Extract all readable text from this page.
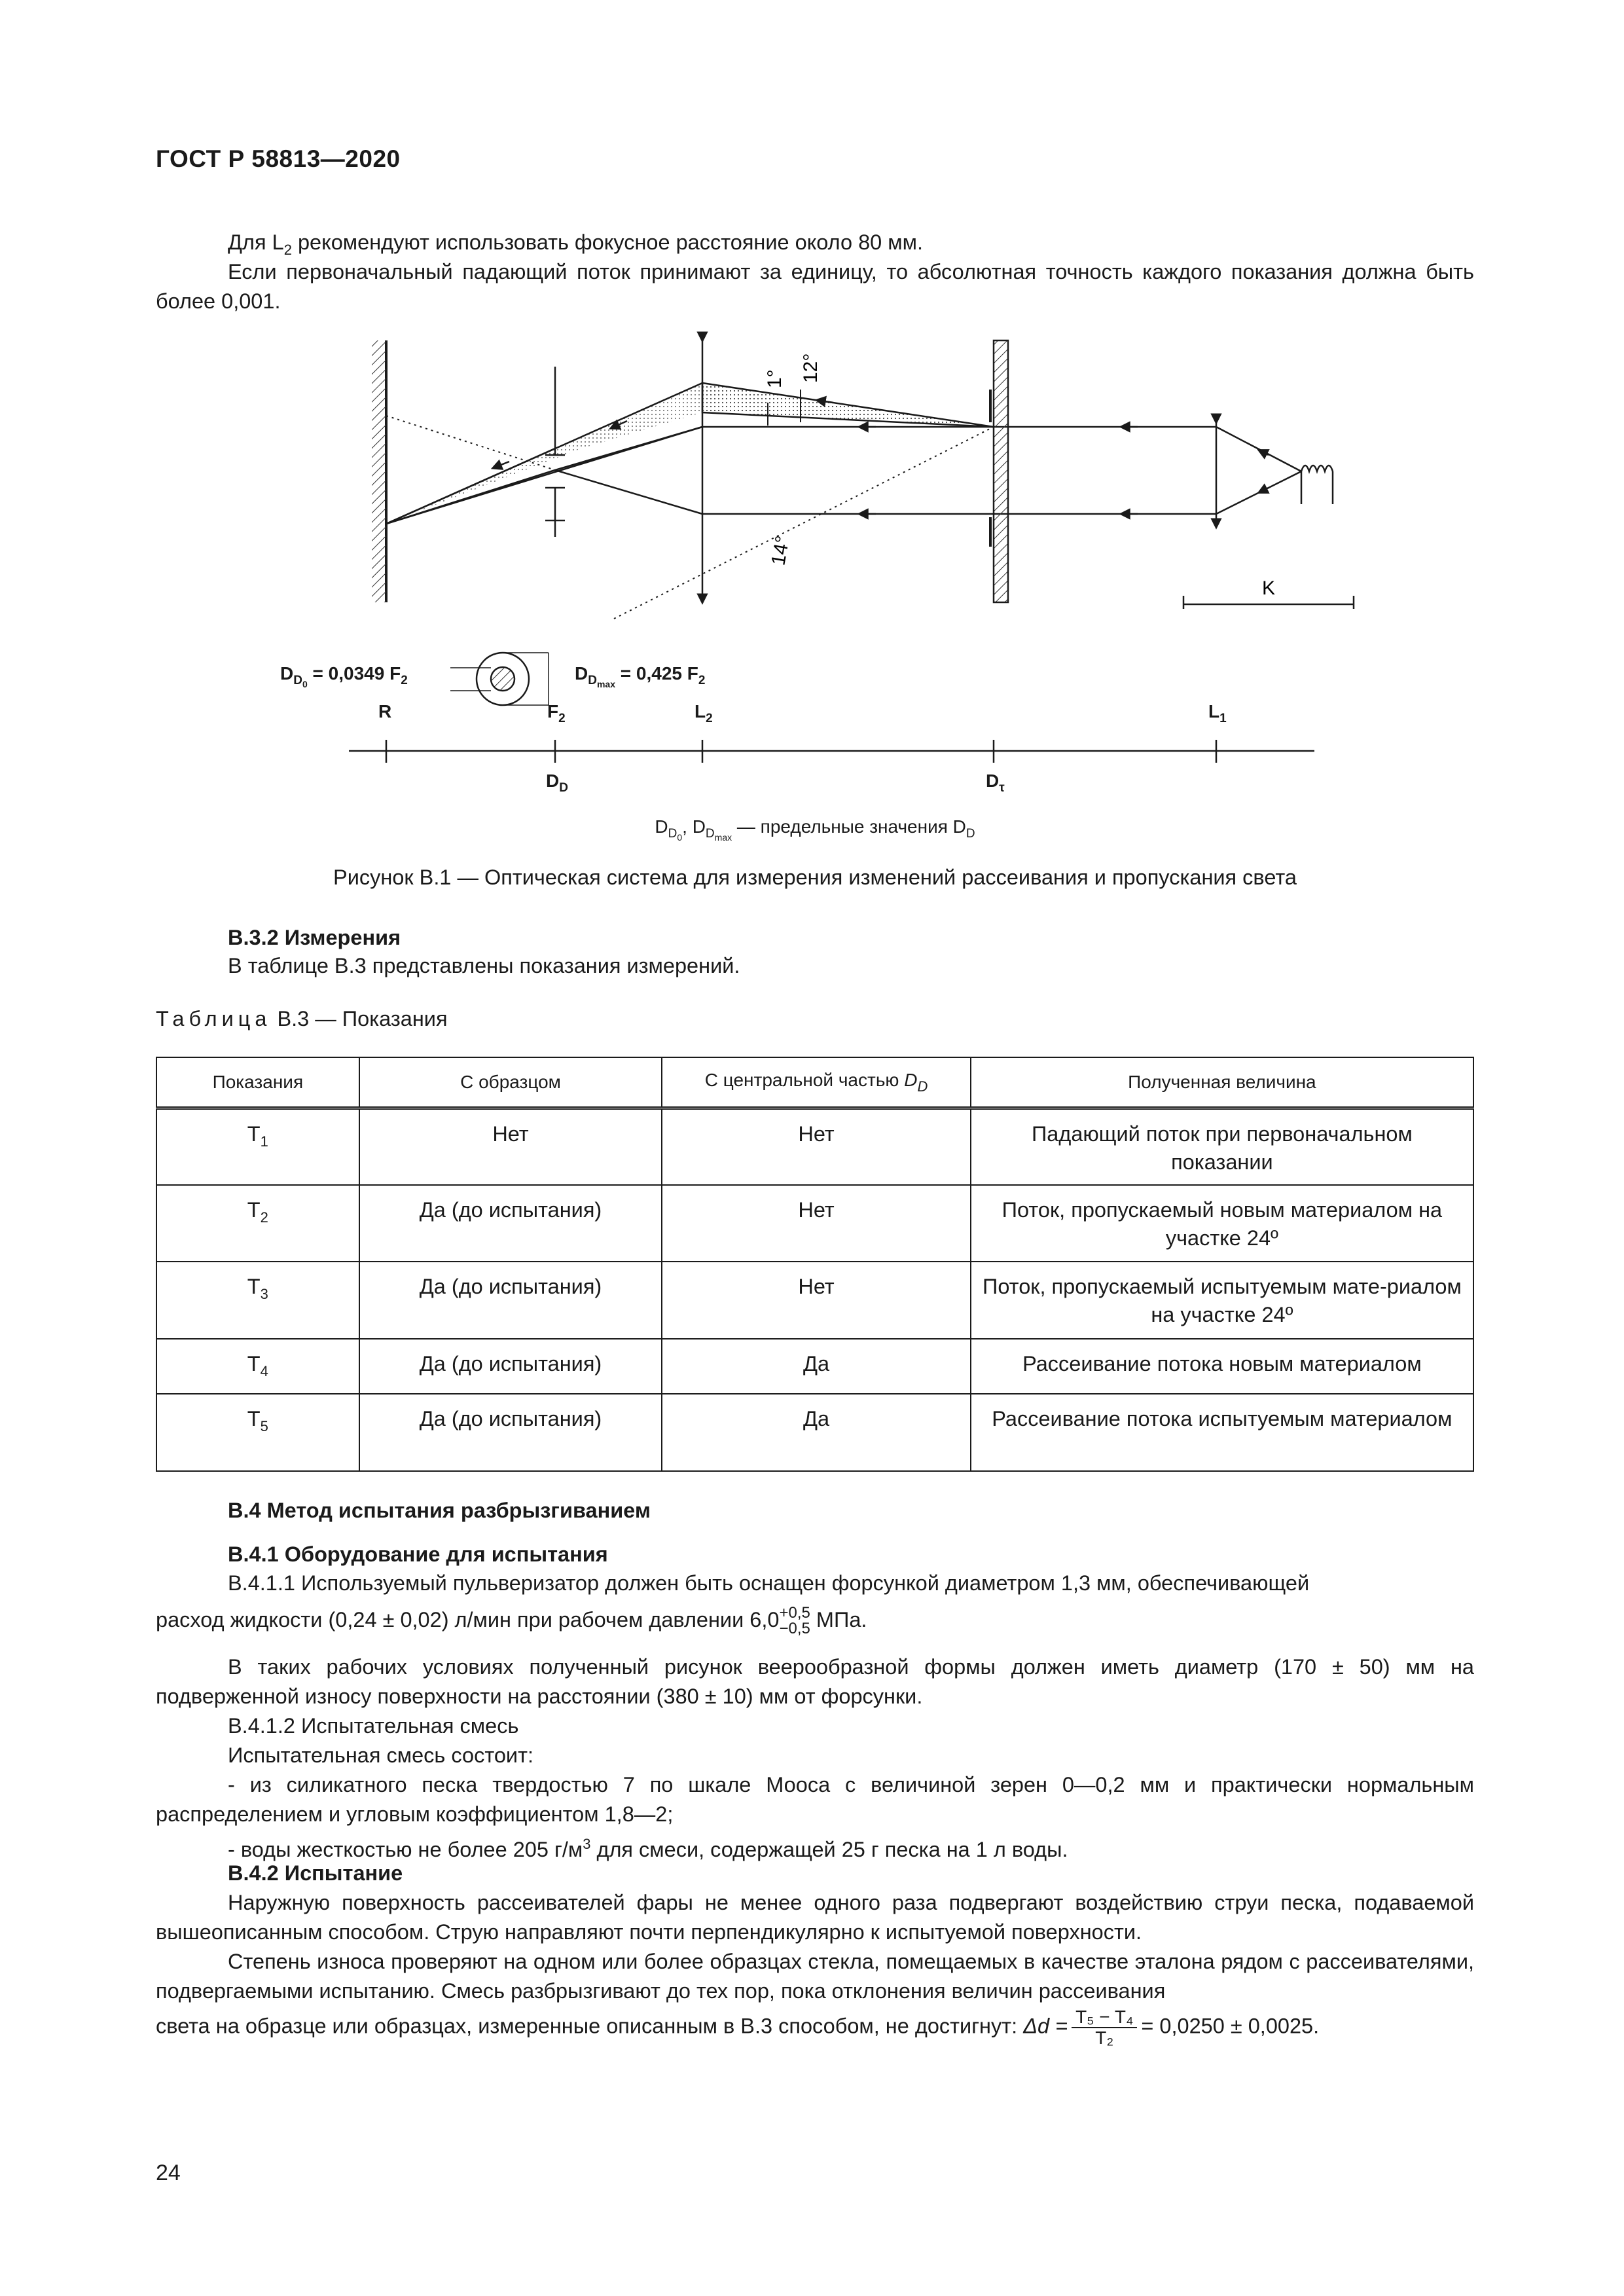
ГОСТ Р 58813—2020
Для $L_2$ рекомендуют использовать фокусное расстояние около 80 мм.
Если первоначальный падающий поток принимают за единицу, то абсолютная точность каждого показания должна быть более 0,001.
K
1° 12°
14°
$D_{D0} = 0,0349$ $F_2$	$D_{Dmax} = 0,425$ $F_2$
R	$F_2$	$L_2$	$L_1$
$D_D$	$D_\tau$
$D_{D0}$, $D_{Dmax}$ — предельные значения $D_D$
Рисунок В.1 — Оптическая система для измерения изменений рассеивания и пропускания света
В.3.2 Измерения
В таблице В.3 представлены показания измерений.
Таблица В.3 — Показания
Показания	С образцом	С центральной частью $D_D$	Полученная величина
$T_1$	Нет	Нет	Падающий поток при первоначальном показании
$T_2$	Да (до испытания)	Нет	Поток, пропускаемый новым материалом на участке 24º
$T_3$	Да (до испытания)	Нет	Поток, пропускаемый испытуемым мате-риалом на участке 24º
$T_4$	Да (до испытания)	Да	Рассеивание потока новым материалом
$T_5$	Да (до испытания)	Да	Рассеивание потока испытуемым материалом
В.4 Метод испытания разбрызгиванием
В.4.1 Оборудование для испытания
В.4.1.1 Используемый пульверизатор должен быть оснащен форсункой диаметром 1,3 мм, обеспечивающей
расход жидкости (0,24 ± 0,02) л/мин при рабочем давлении 6,0 +0,5
−0,5 МПа.
В таких рабочих условиях полученный рисунок веерообразной формы должен иметь диаметр (170 ± 50) мм на подверженной износу поверхности на расстоянии (380 ± 10) мм от форсунки.
В.4.1.2 Испытательная смесь
Испытательная смесь состоит:
- из силикатного песка твердостью 7 по шкале Мооса с величиной зерен 0—0,2 мм и практически нормальным распределением и угловым коэффициентом 1,8—2;
- воды жесткостью не более 205 $г/м^3$ для смеси, содержащей 25 г песка на 1 л воды.
В.4.2 Испытание
Наружную поверхность рассеивателей фары не менее одного раза подвергают воздействию струи песка, подаваемой вышеописанным способом. Струю направляют почти перпендикулярно к испытуемой поверхности.
Степень износа проверяют на одном или более образцах стекла, помещаемых в качестве эталона рядом с рассеивателями, подвергаемыми испытанию. Смесь разбрызгивают до тех пор, пока отклонения величин рассеивания
света на образце или образцах, измеренные описанным в В.3 способом, не достигнут: $\Delta d = \frac{\text{T₅ − T₄}}{\text{T₂}} = 0,0250 \pm 0,0025$.
24
